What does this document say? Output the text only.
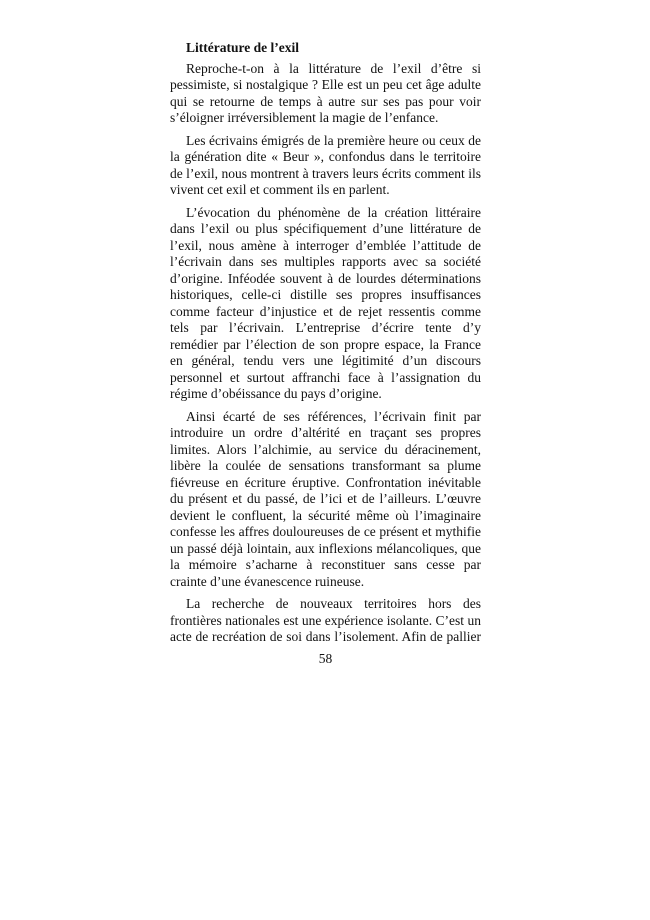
Littérature de l’exil

Reproche-t-on à la littérature de l’exil d’être si pessimiste, si nostalgique ? Elle est un peu cet âge adulte qui se retourne de temps à autre sur ses pas pour voir s’éloigner irréversiblement la magie de l’enfance.

Les écrivains émigrés de la première heure ou ceux de la génération dite « Beur », confondus dans le territoire de l’exil, nous montrent à travers leurs écrits comment ils vivent cet exil et comment ils en parlent.

L’évocation du phénomène de la création littéraire dans l’exil ou plus spécifiquement d’une littérature de l’exil, nous amène à interroger d’emblée l’attitude de l’écrivain dans ses multiples rapports avec sa société d’origine. Inféodée souvent à de lourdes déterminations historiques, celle-ci distille ses propres insuffisances comme facteur d’injustice et de rejet ressentis comme tels par l’écrivain. L’entreprise d’écrire tente d’y remédier par l’élection de son propre espace, la France en général, tendu vers une légitimité d’un discours personnel et surtout affranchi face à l’assignation du régime d’obéissance du pays d’origine.

Ainsi écarté de ses références, l’écrivain finit par introduire un ordre d’altérité en traçant ses propres limites. Alors l’alchimie, au service du déracinement, libère la coulée de sensations transformant sa plume fiévreuse en écriture éruptive. Confrontation inévitable du présent et du passé, de l’ici et de l’ailleurs. L’œuvre devient le confluent, la sécurité même où l’imaginaire confesse les affres douloureuses de ce présent et mythifie un passé déjà lointain, aux inflexions mélancoliques, que la mémoire s’acharne à reconstituer sans cesse par crainte d’une évanescence ruineuse.

La recherche de nouveaux territoires hors des frontières nationales est une expérience isolante. C’est un acte de recréation de soi dans l’isolement. Afin de pallier

58
